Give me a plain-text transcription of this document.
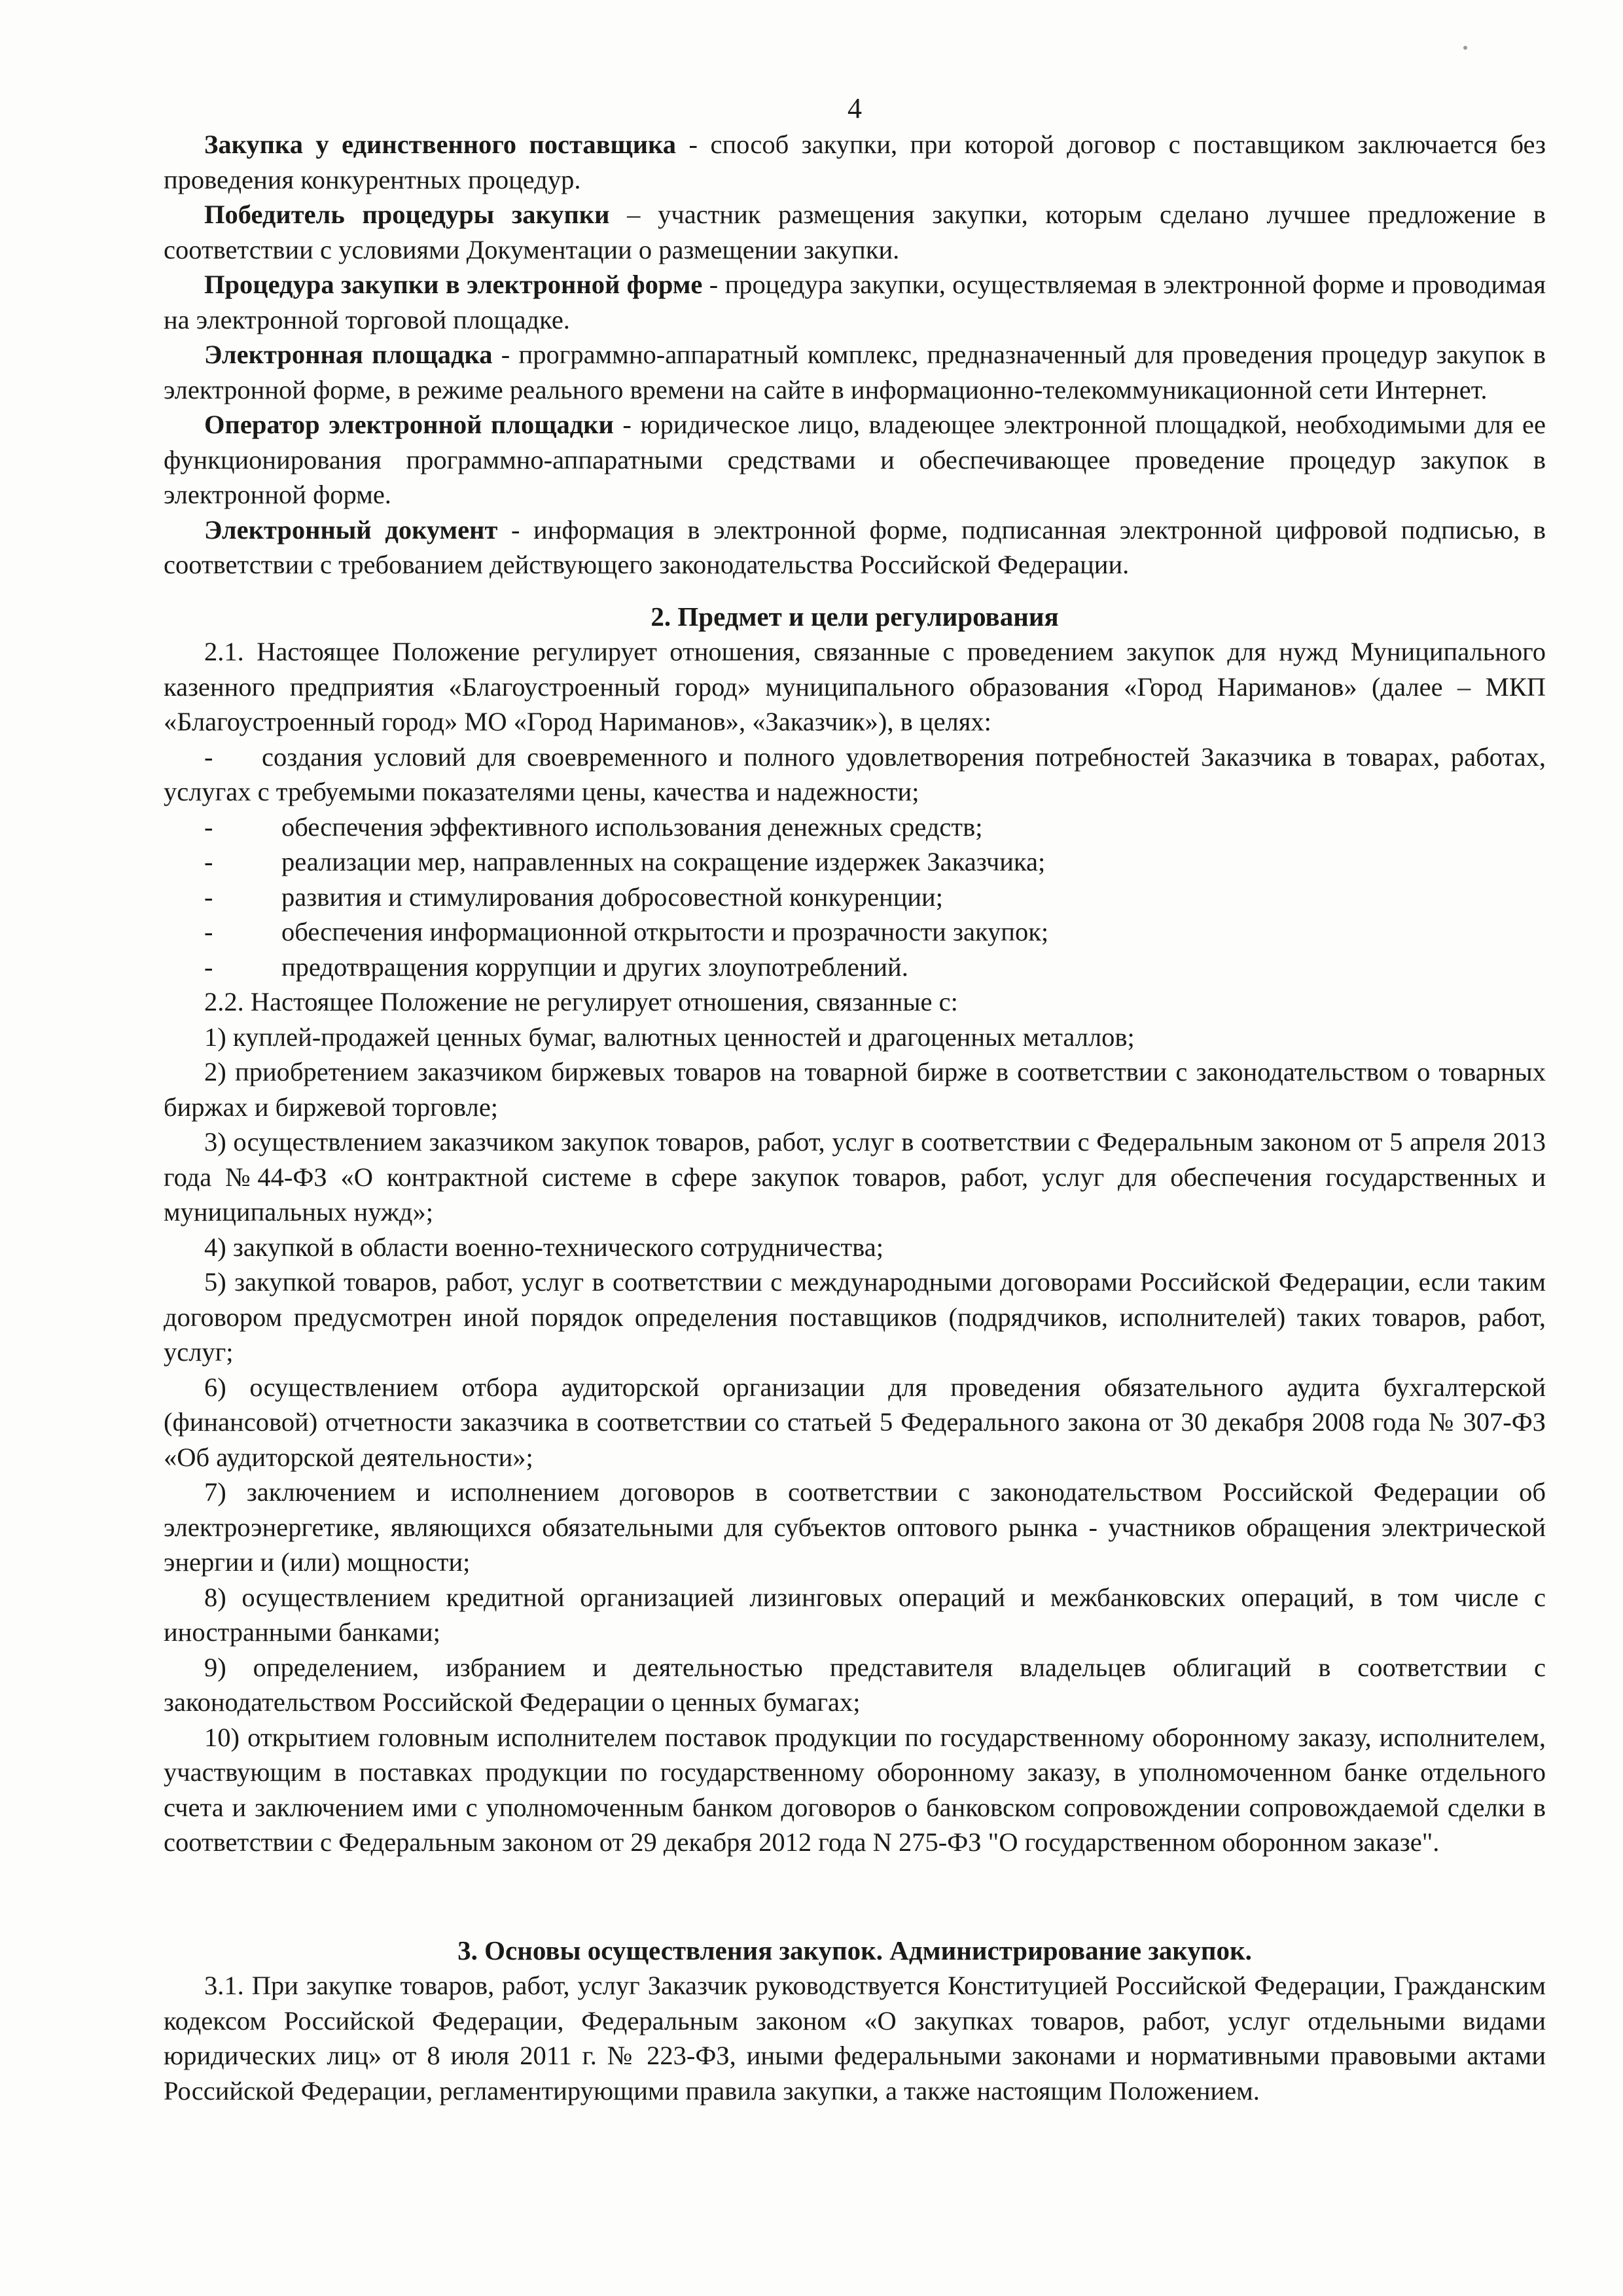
4

Закупка у единственного поставщика - способ закупки, при которой договор с поставщиком заключается без проведения конкурентных процедур.

Победитель процедуры закупки – участник размещения закупки, которым сделано лучшее предложение в соответствии с условиями Документации о размещении закупки.

Процедура закупки в электронной форме - процедура закупки, осуществляемая в электронной форме и проводимая на электронной торговой площадке.

Электронная площадка - программно-аппаратный комплекс, предназначенный для проведения процедур закупок в электронной форме, в режиме реального времени на сайте в информационно-телекоммуникационной сети Интернет.

Оператор электронной площадки - юридическое лицо, владеющее электронной площадкой, необходимыми для ее функционирования программно-аппаратными средствами и обеспечивающее проведение процедур закупок в электронной форме.

Электронный документ - информация в электронной форме, подписанная электронной цифровой подписью, в соответствии с требованием действующего законодательства Российской Федерации.

2. Предмет и цели регулирования

2.1. Настоящее Положение регулирует отношения, связанные с проведением закупок для нужд Муниципального казенного предприятия «Благоустроенный город» муниципального образования «Город Нариманов» (далее – МКП «Благоустроенный город» МО «Город Нариманов», «Заказчик»), в целях:

- создания условий для своевременного и полного удовлетворения потребностей Заказчика в товарах, работах, услугах с требуемыми показателями цены, качества и надежности;

-	обеспечения эффективного использования денежных средств;

-	реализации мер, направленных на сокращение издержек Заказчика;

-	развития и стимулирования добросовестной конкуренции;

-	обеспечения информационной открытости и прозрачности закупок;

-	предотвращения коррупции и других злоупотреблений.

2.2. Настоящее Положение не регулирует отношения, связанные с:

1) куплей-продажей ценных бумаг, валютных ценностей и драгоценных металлов;

2) приобретением заказчиком биржевых товаров на товарной бирже в соответствии с законодательством о товарных биржах и биржевой торговле;

3) осуществлением заказчиком закупок товаров, работ, услуг в соответствии с Федеральным законом от 5 апреля 2013 года №44-ФЗ «О контрактной системе в сфере закупок товаров, работ, услуг для обеспечения государственных и муниципальных нужд»;

4) закупкой в области военно-технического сотрудничества;

5) закупкой товаров, работ, услуг в соответствии с международными договорами Российской Федерации, если таким договором предусмотрен иной порядок определения поставщиков (подрядчиков, исполнителей) таких товаров, работ, услуг;

6) осуществлением отбора аудиторской организации для проведения обязательного аудита бухгалтерской (финансовой) отчетности заказчика в соответствии со статьей 5 Федерального закона от 30 декабря 2008 года № 307-ФЗ «Об аудиторской деятельности»;

7) заключением и исполнением договоров в соответствии с законодательством Российской Федерации об электроэнергетике, являющихся обязательными для субъектов оптового рынка - участников обращения электрической энергии и (или) мощности;

8) осуществлением кредитной организацией лизинговых операций и межбанковских операций, в том числе с иностранными банками;

9) определением, избранием и деятельностью представителя владельцев облигаций в соответствии с законодательством Российской Федерации о ценных бумагах;

10) открытием головным исполнителем поставок продукции по государственному оборонному заказу, исполнителем, участвующим в поставках продукции по государственному оборонному заказу, в уполномоченном банке отдельного счета и заключением ими с уполномоченным банком договоров о банковском сопровождении сопровождаемой сделки в соответствии с Федеральным законом от 29 декабря 2012 года N 275-ФЗ "О государственном оборонном заказе".

3. Основы осуществления закупок. Администрирование закупок.

3.1. При закупке товаров, работ, услуг Заказчик руководствуется Конституцией Российской Федерации, Гражданским кодексом Российской Федерации, Федеральным законом «О закупках товаров, работ, услуг отдельными видами юридических лиц» от 8 июля 2011 г. № 223-ФЗ, иными федеральными законами и нормативными правовыми актами Российской Федерации, регламентирующими правила закупки, а также настоящим Положением.
